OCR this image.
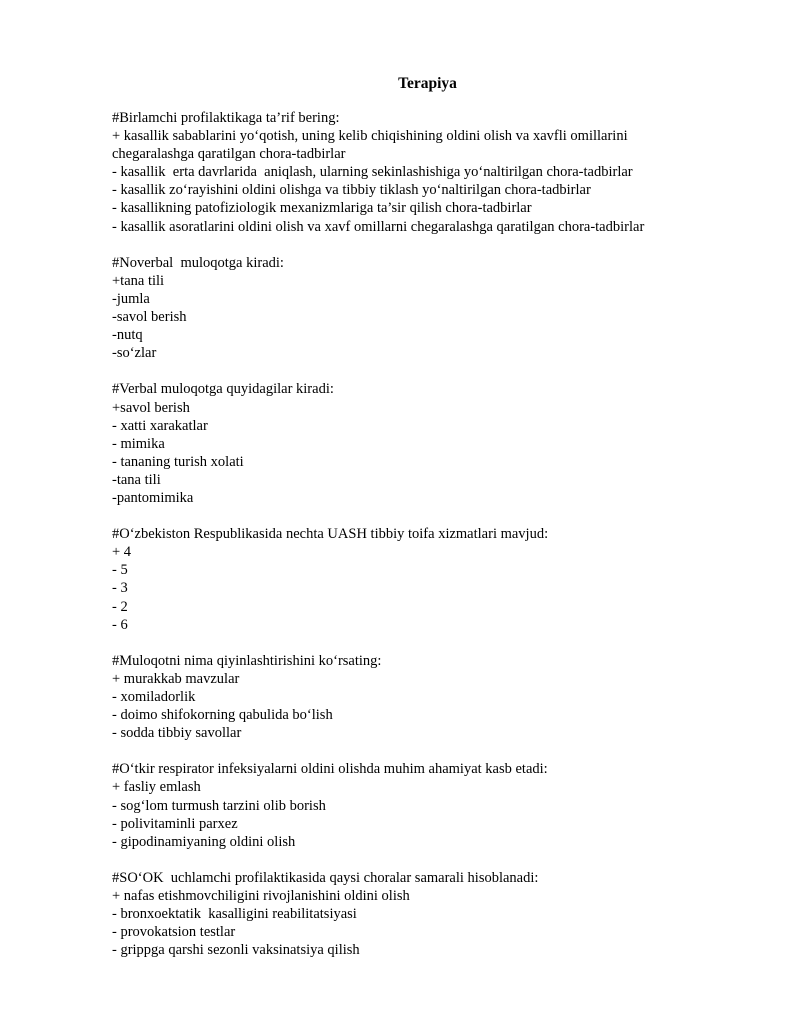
Terapiya
#Birlamchi profilaktikaga ta’rif bering:
+ kasallik sabablarini yo‘qotish, uning kelib chiqishining oldini olish va xavfli omillarini
chegaralashga qaratilgan chora-tadbirlar
- kasallik  erta davrlarida  aniqlash, ularning sekinlashishiga yo‘naltirilgan chora-tadbirlar
- kasallik zo‘rayishini oldini olishga va tibbiy tiklash yo‘naltirilgan chora-tadbirlar
- kasallikning patofiziologik mexanizmlariga ta’sir qilish chora-tadbirlar
- kasallik asoratlarini oldini olish va xavf omillarni chegaralashga qaratilgan chora-tadbirlar
#Noverbal  muloqotga kiradi:
+tana tili
-jumla
-savol berish
-nutq
-so‘zlar
#Verbal muloqotga quyidagilar kiradi:
+savol berish
- xatti xarakatlar
- mimika
- tananing turish xolati
-tana tili
-pantomimika
#O‘zbekiston Respublikasida nechta UASH tibbiy toifa xizmatlari mavjud:
+ 4
- 5
- 3
- 2
- 6
#Muloqotni nima qiyinlashtirishini ko‘rsating:
+ murakkab mavzular
- xomiladorlik
- doimo shifokorning qabulida bo‘lish
- sodda tibbiy savollar
#O‘tkir respirator infeksiyalarni oldini olishda muhim ahamiyat kasb etadi:
+ fasliy emlash
- sog‘lom turmush tarzini olib borish
- polivitaminli parxez
- gipodinamiyaning oldini olish
#SO‘OK  uchlamchi profilaktikasida qaysi choralar samarali hisoblanadi:
+ nafas etishmovchiligini rivojlanishini oldini olish
- bronxoektatik  kasalligini reabilitatsiyasi
- provokatsion testlar
- grippga qarshi sezonli vaksinatsiya qilish
